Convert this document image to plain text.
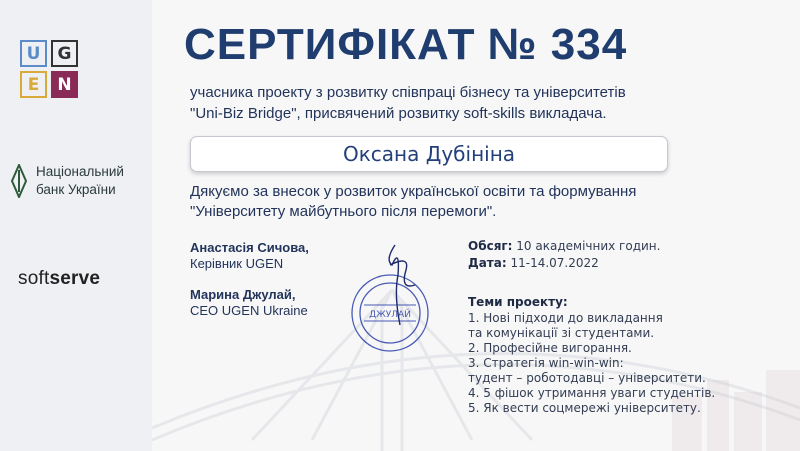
U	G
E	N
Національний
банк України
softserve
СЕРТИФІКАТ № 334
учасника проекту з розвитку співпраці бізнесу та університетів
"Uni-Biz Bridge", присвячений розвитку soft-skills викладача.
Оксана Дубініна
Дякуємо за внесок у розвиток української освіти та формування
"Університету майбутнього після перемоги".
Анастасія Сичова,
Керівник UGEN
Марина Джулай,
CEO UGEN Ukraine	ДЖУЛАЙ
Обсяг: 10 академічних годин.
Дата: 11-14.07.2022
Теми проекту:
1. Нові підходи до викладання
та комунікації зі студентами.
2. Професійне вигорання.
3. Стратегія win-win-win:
тудент – роботодавці – університети.
4. 5 фішок утримання уваги студентів.
5. Як вести соцмережі університету.
